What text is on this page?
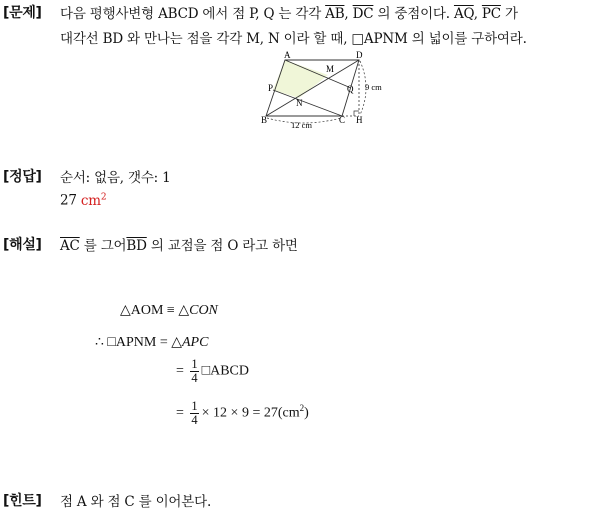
[문제] 다음 평행사변형 ABCD 에서 점 P, Q 는 각각 $\overline{AB}$, $\overline{DC}$ 의 중점이다. $\overline{AQ}$, $\overline{PC}$ 가
대각선 BD 와 만나는 점을 각각 M, N 이라 할 때, □APNM 의 넓이를 구하여라.
A	D
M
P	Q
N
B	C H
9 cm
12 cm
[정답] 순서: 없음, 갯수: 1
27 $cm^2$
[해설] $\overline{AC}$ 를 그어$\overline{BD}$ 의 교점을 점 O 라고 하면
△AOM ≡ △CON
∴ □APNM = △APC
= $\frac{1}{4}$ □ABCD
= $\frac{1}{4} \times 12 \times 9 = 27(cm^2)$
[힌트] 점 A 와 점 C 를 이어본다.
